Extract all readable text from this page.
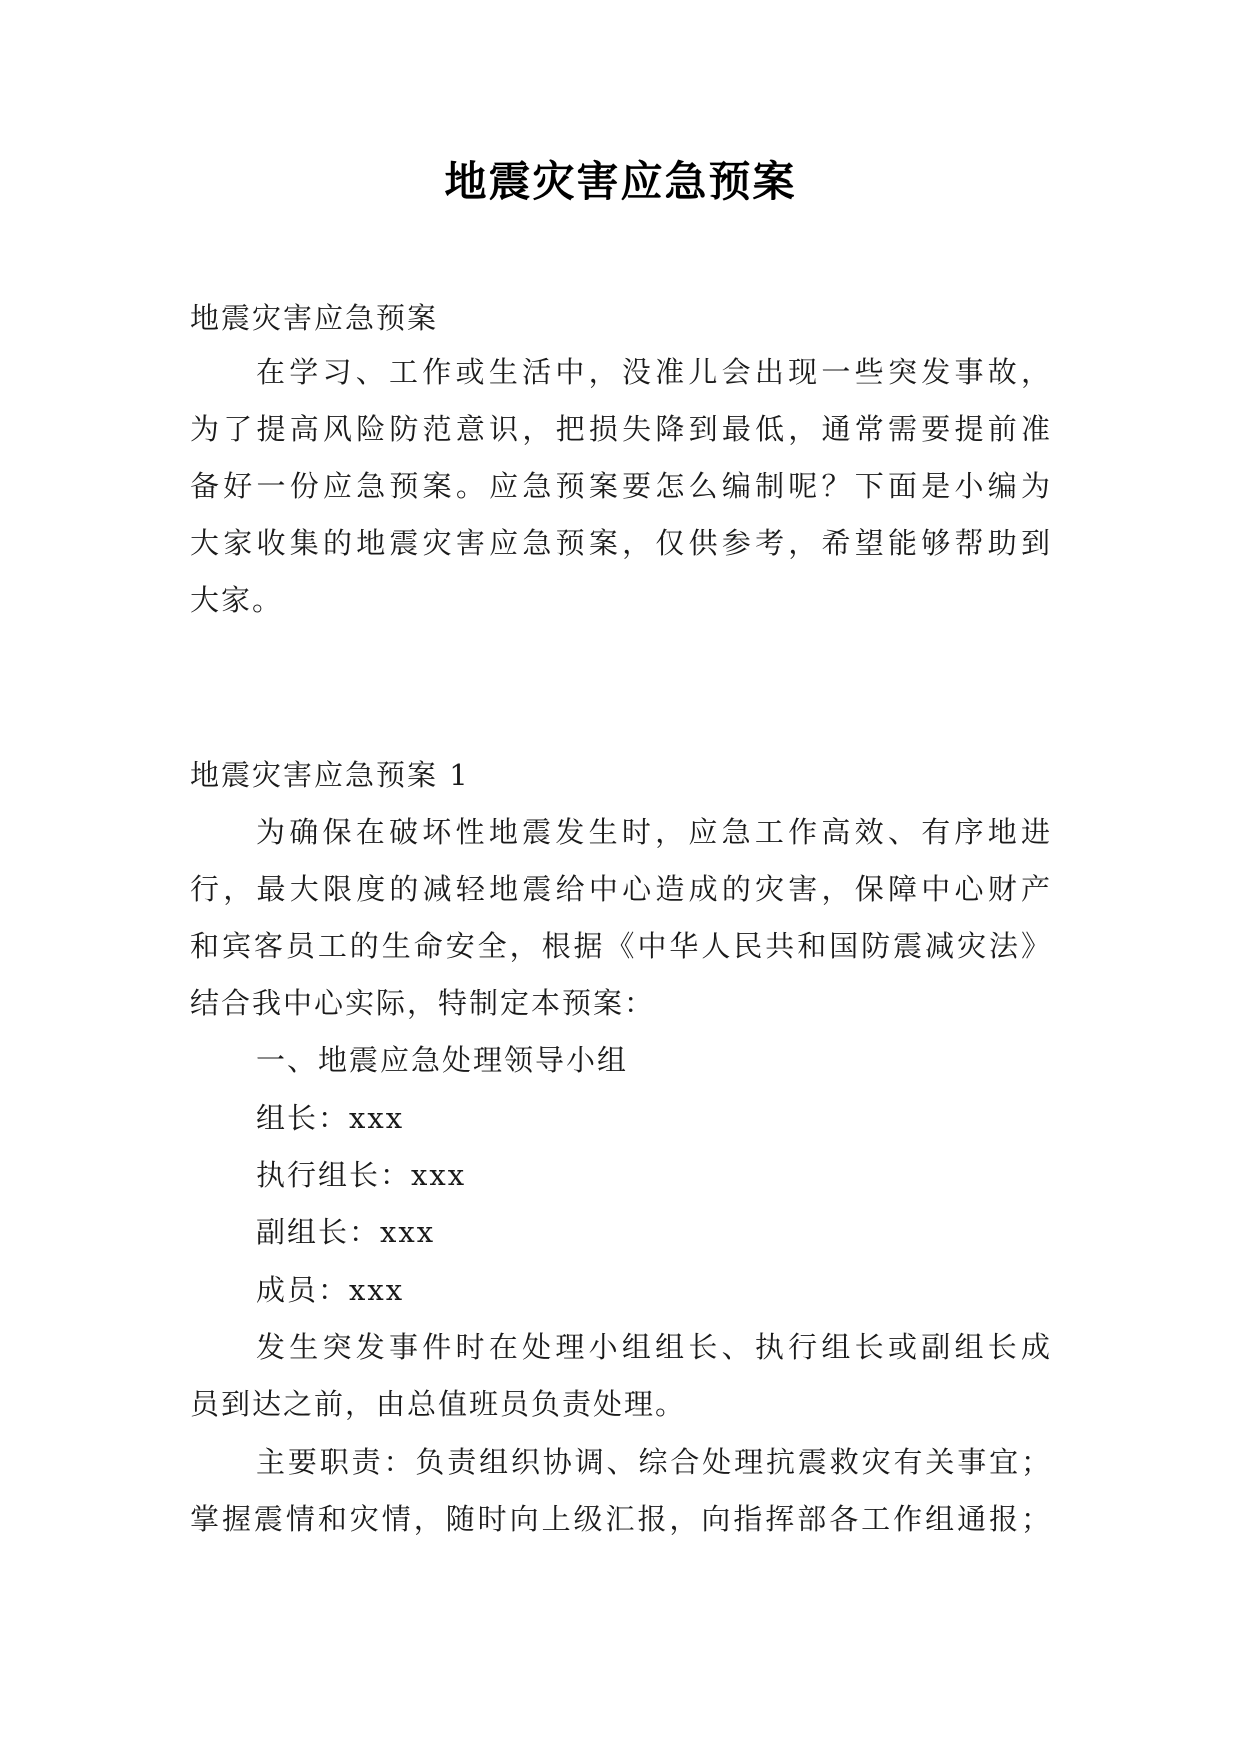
地震灾害应急预案
地震灾害应急预案
在学习、工作或生活中，没准儿会出现一些突发事故，
为了提高风险防范意识，把损失降到最低，通常需要提前准
备好一份应急预案。应急预案要怎么编制呢？下面是小编为
大家收集的地震灾害应急预案，仅供参考，希望能够帮助到
大家。
地震灾害应急预案 1
为确保在破坏性地震发生时，应急工作高效、有序地进
行，最大限度的减轻地震给中心造成的灾害，保障中心财产
和宾客员工的生命安全，根据《中华人民共和国防震减灾法》
结合我中心实际，特制定本预案：
一、地震应急处理领导小组
组长：xxx
执行组长：xxx
副组长：xxx
成员：xxx
发生突发事件时在处理小组组长、执行组长或副组长成
员到达之前，由总值班员负责处理。
主要职责：负责组织协调、综合处理抗震救灾有关事宜；
掌握震情和灾情，随时向上级汇报，向指挥部各工作组通报；
